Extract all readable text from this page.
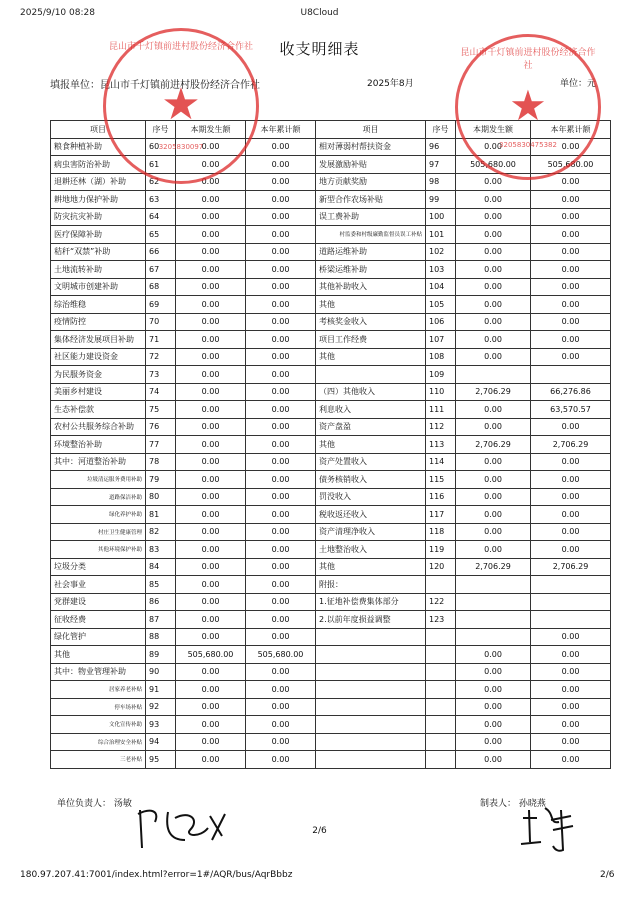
2025/9/10 08:28	U8Cloud
收支明细表
填报单位：昆山市千灯镇前进村股份经济合作社	2025年8月	单位：元
项目	序号	本期发生额	本年累计额	项目	序号	本期发生额	本年累计额
粮食种植补助	60	0.00	0.00	相对薄弱村帮扶资金	96	0.00	0.00
病虫害防治补助	61	0.00	0.00	发展激励补贴	97	505,680.00	505,680.00
退耕还林（湖）补助	62	0.00	0.00	地方贡献奖励	98	0.00	0.00
耕地地力保护补助	63	0.00	0.00	新型合作农场补贴	99	0.00	0.00
防灾抗灾补助	64	0.00	0.00	误工费补助	100	0.00	0.00
医疗保障补助	65	0.00	0.00	村监委和村级廉勤监督员误工补贴	101	0.00	0.00
秸秆“双禁”补助	66	0.00	0.00	道路运维补助	102	0.00	0.00
土地流转补助	67	0.00	0.00	桥梁运维补助	103	0.00	0.00
文明城市创建补助	68	0.00	0.00	其他补助收入	104	0.00	0.00
综治维稳	69	0.00	0.00	其他	105	0.00	0.00
疫情防控	70	0.00	0.00	考核奖金收入	106	0.00	0.00
集体经济发展项目补助	71	0.00	0.00	项目工作经费	107	0.00	0.00
社区能力建设资金	72	0.00	0.00	其他	108	0.00	0.00
为民服务资金	73	0.00	0.00		109		
美丽乡村建设	74	0.00	0.00	（四）其他收入	110	2,706.29	66,276.86
生态补偿款	75	0.00	0.00	利息收入	111	0.00	63,570.57
农村公共服务综合补助	76	0.00	0.00	资产盘盈	112	0.00	0.00
环境整治补助	77	0.00	0.00	其他	113	2,706.29	2,706.29
其中：河道整治补助	78	0.00	0.00	资产处置收入	114	0.00	0.00
垃圾清运服务费用补助	79	0.00	0.00	债务核销收入	115	0.00	0.00
道路保洁补助	80	0.00	0.00	罚没收入	116	0.00	0.00
绿化养护补助	81	0.00	0.00	税收返还收入	117	0.00	0.00
村庄卫生健康管理	82	0.00	0.00	资产清理净收入	118	0.00	0.00
其他环境保护补助	83	0.00	0.00	土地整治收入	119	0.00	0.00
垃圾分类	84	0.00	0.00	其他	120	2,706.29	2,706.29
社会事业	85	0.00	0.00	附报：			
党群建设	86	0.00	0.00	1.征地补偿费集体部分	122		
征收经费	87	0.00	0.00	2.以前年度损益调整	123		
绿化管护	88	0.00	0.00				0.00
其他	89	505,680.00	505,680.00			0.00	0.00
其中：物业管理补助	90	0.00	0.00			0.00	0.00
居家养老补贴	91	0.00	0.00			0.00	0.00
停车场补贴	92	0.00	0.00			0.00	0.00
文化宣传补助	93	0.00	0.00			0.00	0.00
综合治理安全补贴	94	0.00	0.00			0.00	0.00
三老补贴	95	0.00	0.00			0.00	0.00
★
昆山市千灯镇前进村股份经济合作社
3205830097
★
昆山市千灯镇前进村股份经济合作社
3205830475382
单位负责人： 汤敏	制表人： 孙晓燕
2/6
180.97.207.41:7001/index.html?error=1#/AQR/bus/AqrBbbz	2/6
